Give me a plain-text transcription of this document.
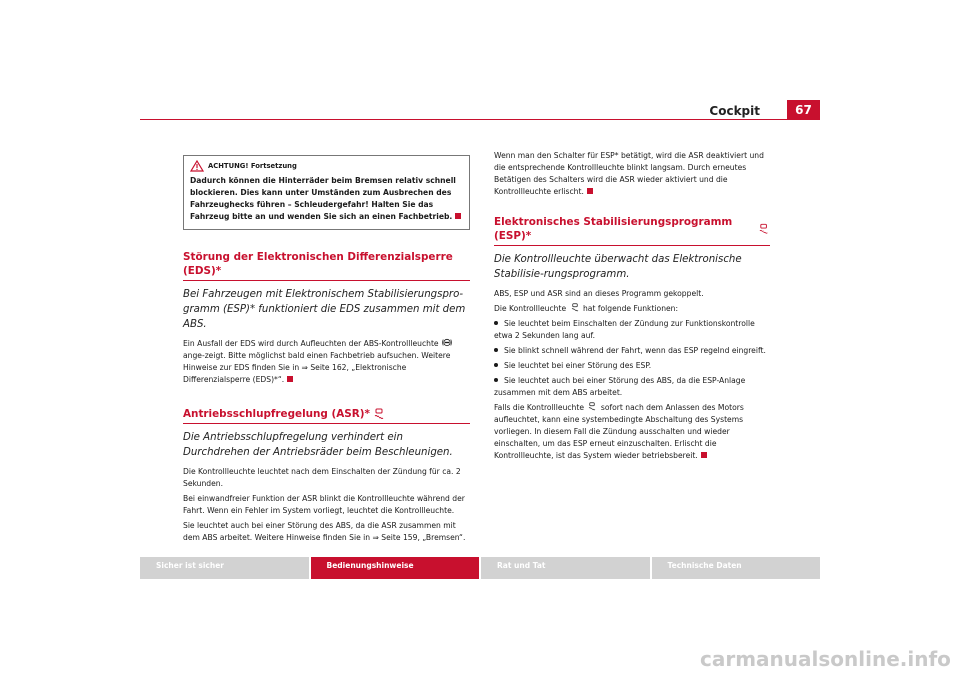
Cockpit	67
ACHTUNG! Fortsetzung
Dadurch können die Hinterräder beim Bremsen relativ schnell blockieren. Dies kann unter Umständen zum Ausbrechen des Fahrzeughecks führen – Schleudergefahr! Halten Sie das Fahrzeug bitte an und wenden Sie sich an einen Fachbetrieb.
Störung der Elektronischen Differenzialsperre (EDS)*
Bei Fahrzeugen mit Elektronischem Stabilisierungspro-gramm (ESP)* funktioniert die EDS zusammen mit dem ABS.

Ein Ausfall der EDS wird durch Aufleuchten der ABS-Kontrollleuchte  ange-zeigt. Bitte möglichst bald einen Fachbetrieb aufsuchen. Weitere Hinweise zur EDS finden Sie in ⇒ Seite 162, „Elektronische Differenzialsperre (EDS)*“.

Antriebsschlupfregelung (ASR)*
Die Antriebsschlupfregelung verhindert ein Durchdrehen der Antriebsräder beim Beschleunigen.

Die Kontrollleuchte leuchtet nach dem Einschalten der Zündung für ca. 2 Sekunden.

Bei einwandfreier Funktion der ASR blinkt die Kontrollleuchte während der Fahrt. Wenn ein Fehler im System vorliegt, leuchtet die Kontrollleuchte.

Sie leuchtet auch bei einer Störung des ABS, da die ASR zusammen mit dem ABS arbeitet. Weitere Hinweise finden Sie in ⇒ Seite 159, „Bremsen“.

Wenn man den Schalter für ESP* betätigt, wird die ASR deaktiviert und die entsprechende Kontrollleuchte blinkt langsam. Durch erneutes Betätigen des Schalters wird die ASR wieder aktiviert und die Kontrollleuchte erlischt.

Elektronisches Stabilisierungsprogramm (ESP)*
Die Kontrollleuchte überwacht das Elektronische Stabilisie-rungsprogramm.

ABS, ESP und ASR sind an dieses Programm gekoppelt.

Die Kontrollleuchte hat folgende Funktionen:

Sie leuchtet beim Einschalten der Zündung zur Funktionskontrolle etwa 2 Sekunden lang auf.

Sie blinkt schnell während der Fahrt, wenn das ESP regelnd eingreift.

Sie leuchtet bei einer Störung des ESP.

Sie leuchtet auch bei einer Störung des ABS, da die ESP-Anlage zusammen mit dem ABS arbeitet.

Falls die Kontrollleuchte sofort nach dem Anlassen des Motors aufleuchtet, kann eine systembedingte Abschaltung des Systems vorliegen. In diesem Fall die Zündung ausschalten und wieder einschalten, um das ESP erneut einzuschalten. Erlischt die Kontrollleuchte, ist das System wieder betriebsbereit.

Sicher ist sicher	Bedienungshinweise	Rat und Tat	Technische Daten
carmanualsonline.info
